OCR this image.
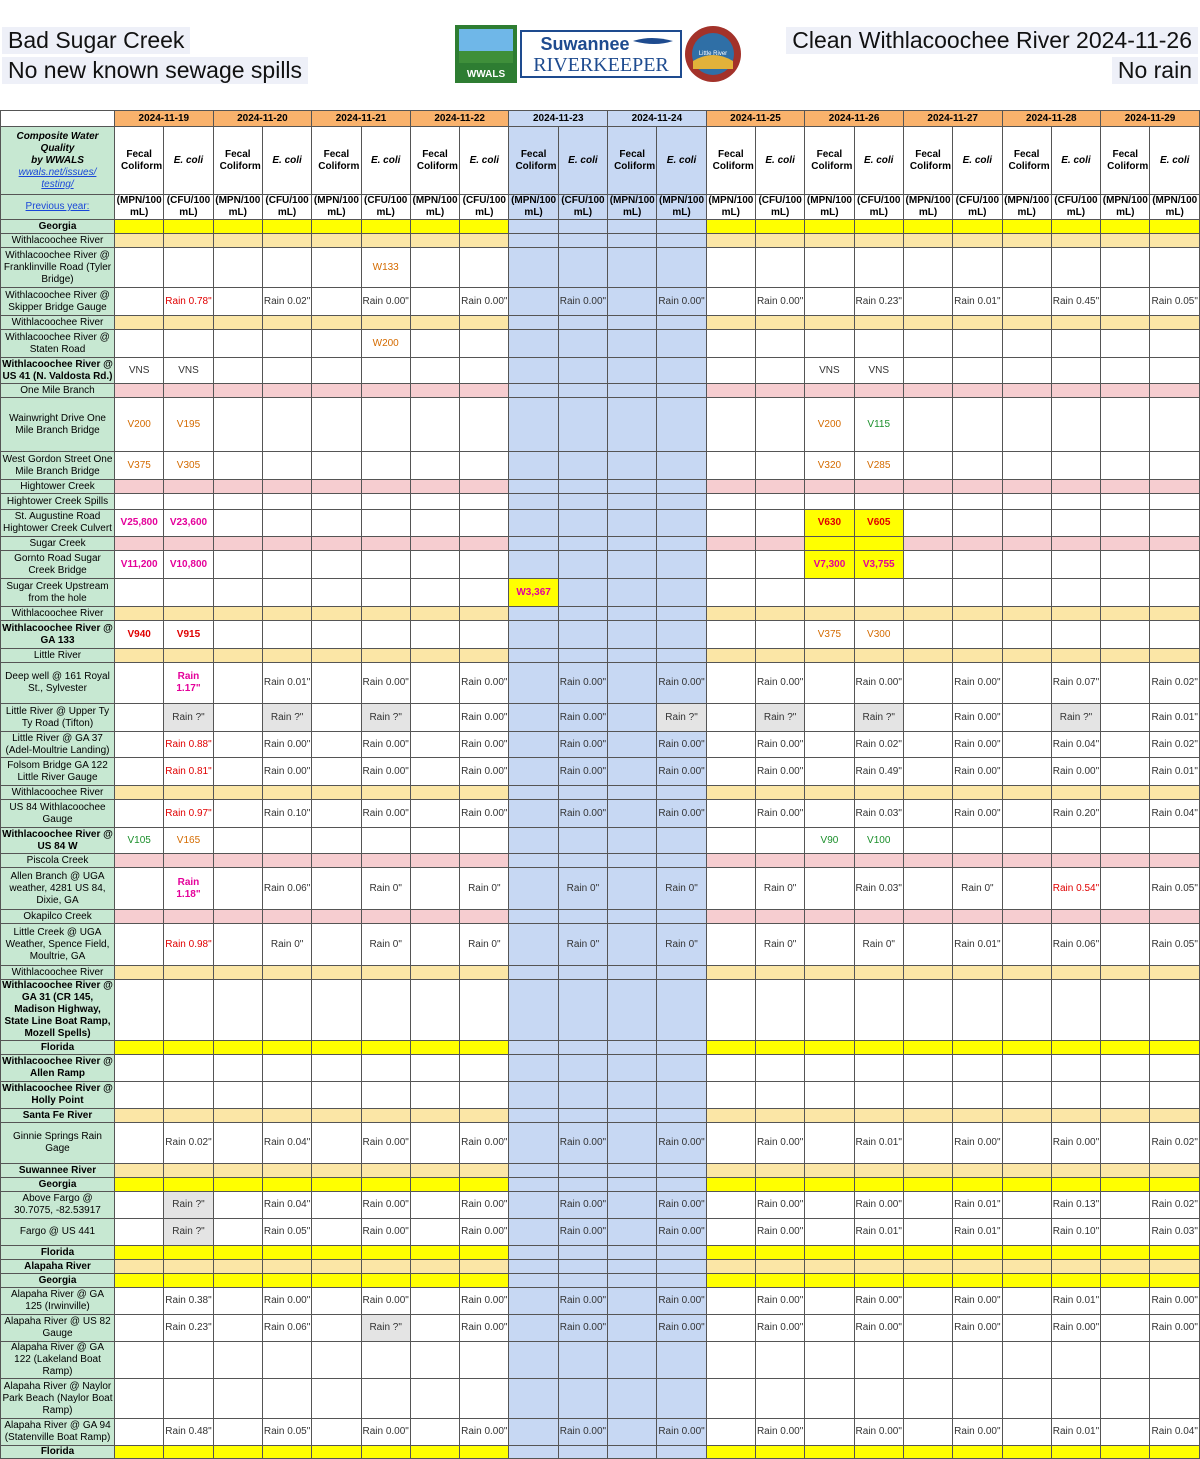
Bad Sugar Creek
No new known sewage spills
Clean Withlacoochee River 2024-11-26
No rain
WWALS
Suwannee
RIVERKEEPER	Little River
	2024-11-19		2024-11-20		2024-11-21		2024-11-22		2024-11-23		2024-11-24		2024-11-25		2024-11-26		2024-11-27		2024-11-28		2024-11-29	

Composite Water
Quality
by WWALS
wwals.net/issues/
testing/	Fecal Coliform	E. coli	Fecal Coliform	E. coli	Fecal Coliform	E. coli	Fecal Coliform	E. coli	Fecal Coliform	E. coli	Fecal Coliform	E. coli	Fecal Coliform	E. coli	Fecal Coliform	E. coli	Fecal Coliform	E. coli	Fecal Coliform	E. coli	Fecal Coliform	E. coli
Previous year:	(MPN/100 mL)	(CFU/100 mL)	(MPN/100 mL)	(CFU/100 mL)	(MPN/100 mL)	(CFU/100 mL)	(MPN/100 mL)	(CFU/100 mL)	(MPN/100 mL)	(CFU/100 mL)	(MPN/100 mL)	(MPN/100 mL)	(MPN/100 mL)	(CFU/100 mL)	(MPN/100 mL)	(CFU/100 mL)	(MPN/100 mL)	(CFU/100 mL)	(MPN/100 mL)	(CFU/100 mL)	(MPN/100 mL)	(MPN/100 mL)
Georgia																						
Withlacoochee River																						
Withlacoochee River @ Franklinville Road (Tyler Bridge)						W133																
Withlacoochee River @ Skipper Bridge Gauge		Rain 0.78"		Rain 0.02"		Rain 0.00"		Rain 0.00"		Rain 0.00"		Rain 0.00"		Rain 0.00"		Rain 0.23"		Rain 0.01"		Rain 0.45"		Rain 0.05"
Withlacoochee River																						
Withlacoochee River @ Staten Road						W200																
Withlacoochee River @ US 41 (N. Valdosta Rd.)	VNS	VNS													VNS	VNS						
One Mile Branch																						
Wainwright Drive One Mile Branch Bridge	V200	V195													V200	V115						
West Gordon Street One Mile Branch Bridge	V375	V305													V320	V285						
Hightower Creek																						
Hightower Creek Spills																						
St. Augustine Road Hightower Creek Culvert	V25,800	V23,600													V630	V605						
Sugar Creek																						
Gornto Road Sugar Creek Bridge	V11,200	V10,800													V7,300	V3,755						
Sugar Creek Upstream from the hole									W3,367													
Withlacoochee River																						
Withlacoochee River @ GA 133	V940	V915													V375	V300						
Little River																						
Deep well @ 161 Royal St., Sylvester		Rain 1.17"		Rain 0.01"		Rain 0.00"		Rain 0.00"		Rain 0.00"		Rain 0.00"		Rain 0.00"		Rain 0.00"		Rain 0.00"		Rain 0.07"		Rain 0.02"
Little River @ Upper Ty Ty Road (Tifton)		Rain ?"		Rain ?"		Rain ?"		Rain 0.00"		Rain 0.00"		Rain ?"		Rain ?"		Rain ?"		Rain 0.00"		Rain ?"		Rain 0.01"
Little River @ GA 37 (Adel-Moultrie Landing)		Rain 0.88"		Rain 0.00"		Rain 0.00"		Rain 0.00"		Rain 0.00"		Rain 0.00"		Rain 0.00"		Rain 0.02"		Rain 0.00"		Rain 0.04"		Rain 0.02"
Folsom Bridge GA 122 Little River Gauge		Rain 0.81"		Rain 0.00"		Rain 0.00"		Rain 0.00"		Rain 0.00"		Rain 0.00"		Rain 0.00"		Rain 0.49"		Rain 0.00"		Rain 0.00"		Rain 0.01"
Withlacoochee River																						
US 84 Withlacoochee Gauge		Rain 0.97"		Rain 0.10"		Rain 0.00"		Rain 0.00"		Rain 0.00"		Rain 0.00"		Rain 0.00"		Rain 0.03"		Rain 0.00"		Rain 0.20"		Rain 0.04"
Withlacoochee River @ US 84 W	V105	V165													V90	V100						
Piscola Creek																						
Allen Branch @ UGA weather, 4281 US 84, Dixie, GA		Rain 1.18"		Rain 0.06"		Rain 0"		Rain 0"		Rain 0"		Rain 0"		Rain 0"		Rain 0.03"		Rain 0"		Rain 0.54"		Rain 0.05"
Okapilco Creek																						
Little Creek @ UGA Weather, Spence Field, Moultrie, GA		Rain 0.98"		Rain 0"		Rain 0"		Rain 0"		Rain 0"		Rain 0"		Rain 0"		Rain 0"		Rain 0.01"		Rain 0.06"		Rain 0.05"
Withlacoochee River																						
Withlacoochee River @ GA 31 (CR 145, Madison Highway, State Line Boat Ramp, Mozell Spells)																						
Florida																						
Withlacoochee River @ Allen Ramp																						
Withlacoochee River @ Holly Point																						
Santa Fe River																						
Ginnie Springs Rain Gage		Rain 0.02"		Rain 0.04"		Rain 0.00"		Rain 0.00"		Rain 0.00"		Rain 0.00"		Rain 0.00"		Rain 0.01"		Rain 0.00"		Rain 0.00"		Rain 0.02"
Suwannee River																						
Georgia																						
Above Fargo @ 30.7075, -82.53917		Rain ?"		Rain 0.04"		Rain 0.00"		Rain 0.00"		Rain 0.00"		Rain 0.00"		Rain 0.00"		Rain 0.00"		Rain 0.01"		Rain 0.13"		Rain 0.02"
Fargo @ US 441		Rain ?"		Rain 0.05"		Rain 0.00"		Rain 0.00"		Rain 0.00"		Rain 0.00"		Rain 0.00"		Rain 0.01"		Rain 0.01"		Rain 0.10"		Rain 0.03"
Florida																						
Alapaha River																						
Georgia																						
Alapaha River @ GA 125 (Irwinville)		Rain 0.38"		Rain 0.00"		Rain 0.00"		Rain 0.00"		Rain 0.00"		Rain 0.00"		Rain 0.00"		Rain 0.00"		Rain 0.00"		Rain 0.01"		Rain 0.00"
Alapaha River @ US 82 Gauge		Rain 0.23"		Rain 0.06"		Rain ?"		Rain 0.00"		Rain 0.00"		Rain 0.00"		Rain 0.00"		Rain 0.00"		Rain 0.00"		Rain 0.00"		Rain 0.00"
Alapaha River @ GA 122 (Lakeland Boat Ramp)																						
Alapaha River @ Naylor Park Beach (Naylor Boat Ramp)																						
Alapaha River @ GA 94 (Statenville Boat Ramp)		Rain 0.48"		Rain 0.05"		Rain 0.00"		Rain 0.00"		Rain 0.00"		Rain 0.00"		Rain 0.00"		Rain 0.00"		Rain 0.00"		Rain 0.01"		Rain 0.04"
Florida																						
